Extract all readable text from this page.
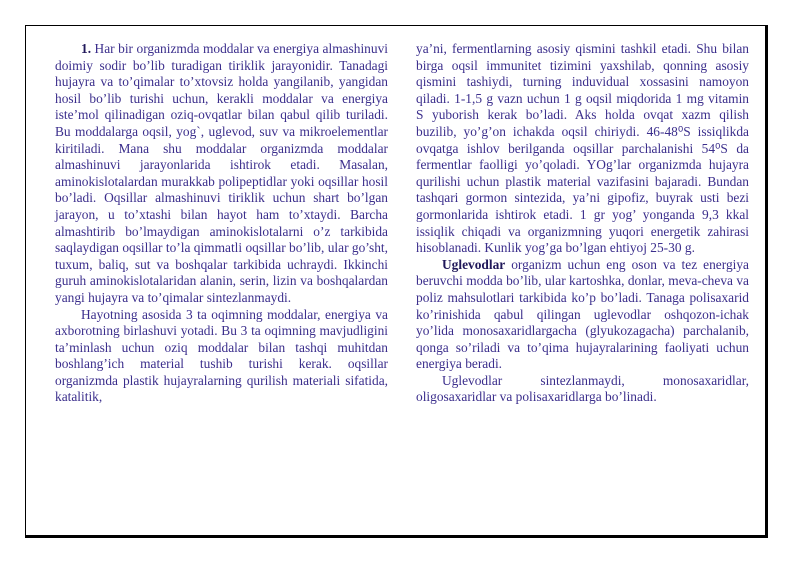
1. Har bir organizmda moddalar va energiya almashinuvi doimiy sodir bo’lib turadigan tiriklik jarayonidir. Tanadagi hujayra va to’qimalar to’xtovsiz holda yangilanib, yangidan hosil bo’lib turishi uchun, kerakli moddalar va energiya iste’mol qilinadigan oziq-ovqatlar bilan qabul qilib turiladi. Bu moddalarga oqsil, yog`, uglevod, suv va mikroelementlar kiritiladi. Mana shu moddalar organizmda moddalar almashinuvi jarayonlarida ishtirok etadi. Masalan, aminokislotalardan murakkab polipeptidlar yoki oqsillar hosil bo’ladi. Oqsillar almashinuvi tiriklik uchun shart bo’lgan jarayon, u to’xtashi bilan hayot ham to’xtaydi. Barcha almashtirib bo’lmaydigan aminokislotalarni o’z tarkibida saqlaydigan oqsillar to’la qimmatli oqsillar bo’lib, ular go’sht, tuxum, baliq, sut va boshqalar tarkibida uchraydi. Ikkinchi guruh aminokislotalaridan alanin, serin, lizin va boshqalardan yangi hujayra va to’qimalar sintezlanmaydi.

Hayotning asosida 3 ta oqimning moddalar, energiya va axborotning birlashuvi yotadi. Bu 3 ta oqimning mavjudligini ta’minlash uchun oziq moddalar bilan tashqi muhitdan boshlang’ich material tushib turishi kerak. oqsillar organizmda plastik hujayralarning qurilish materiali sifatida, katalitik,

ya’ni, fermentlarning asosiy qismini tashkil etadi. Shu bilan birga oqsil immunitet tizimini yaxshilab, qonning asosiy qismini tashiydi, turning induvidual xossasini namoyon qiladi. 1-1,5 g vazn uchun 1 g oqsil miqdorida 1 mg vitamin S yuborish kerak bo’ladi. Aks holda ovqat xazm qilish buzilib, yo’g’on ichakda oqsil chiriydi. 46-48⁰S issiqlikda ovqatga ishlov berilganda oqsillar parchalanishi 54⁰S da fermentlar faolligi yo’qoladi. YOg’lar organizmda hujayra qurilishi uchun plastik material vazifasini bajaradi. Bundan tashqari gormon sintezida, ya’ni gipofiz, buyrak usti bezi gormonlarida ishtirok etadi. 1 gr yog’ yonganda 9,3 kkal issiqlik chiqadi va organizmning yuqori energetik zahirasi hisoblanadi. Kunlik yog’ga bo’lgan ehtiyoj 25-30 g.

Uglevodlar organizm uchun eng oson va tez energiya beruvchi modda bo’lib, ular kartoshka, donlar, meva-cheva va poliz mahsulotlari tarkibida ko’p bo’ladi. Tanaga polisaxarid ko’rinishida qabul qilingan uglevodlar oshqozon-ichak yo’lida monosaxaridlargacha (glyukozagacha) parchalanib, qonga so’riladi va to’qima hujayralarining faoliyati uchun energiya beradi.

Uglevodlar sintezlanmaydi, monosaxaridlar, oligosaxaridlar va polisaxaridlarga bo’linadi.
